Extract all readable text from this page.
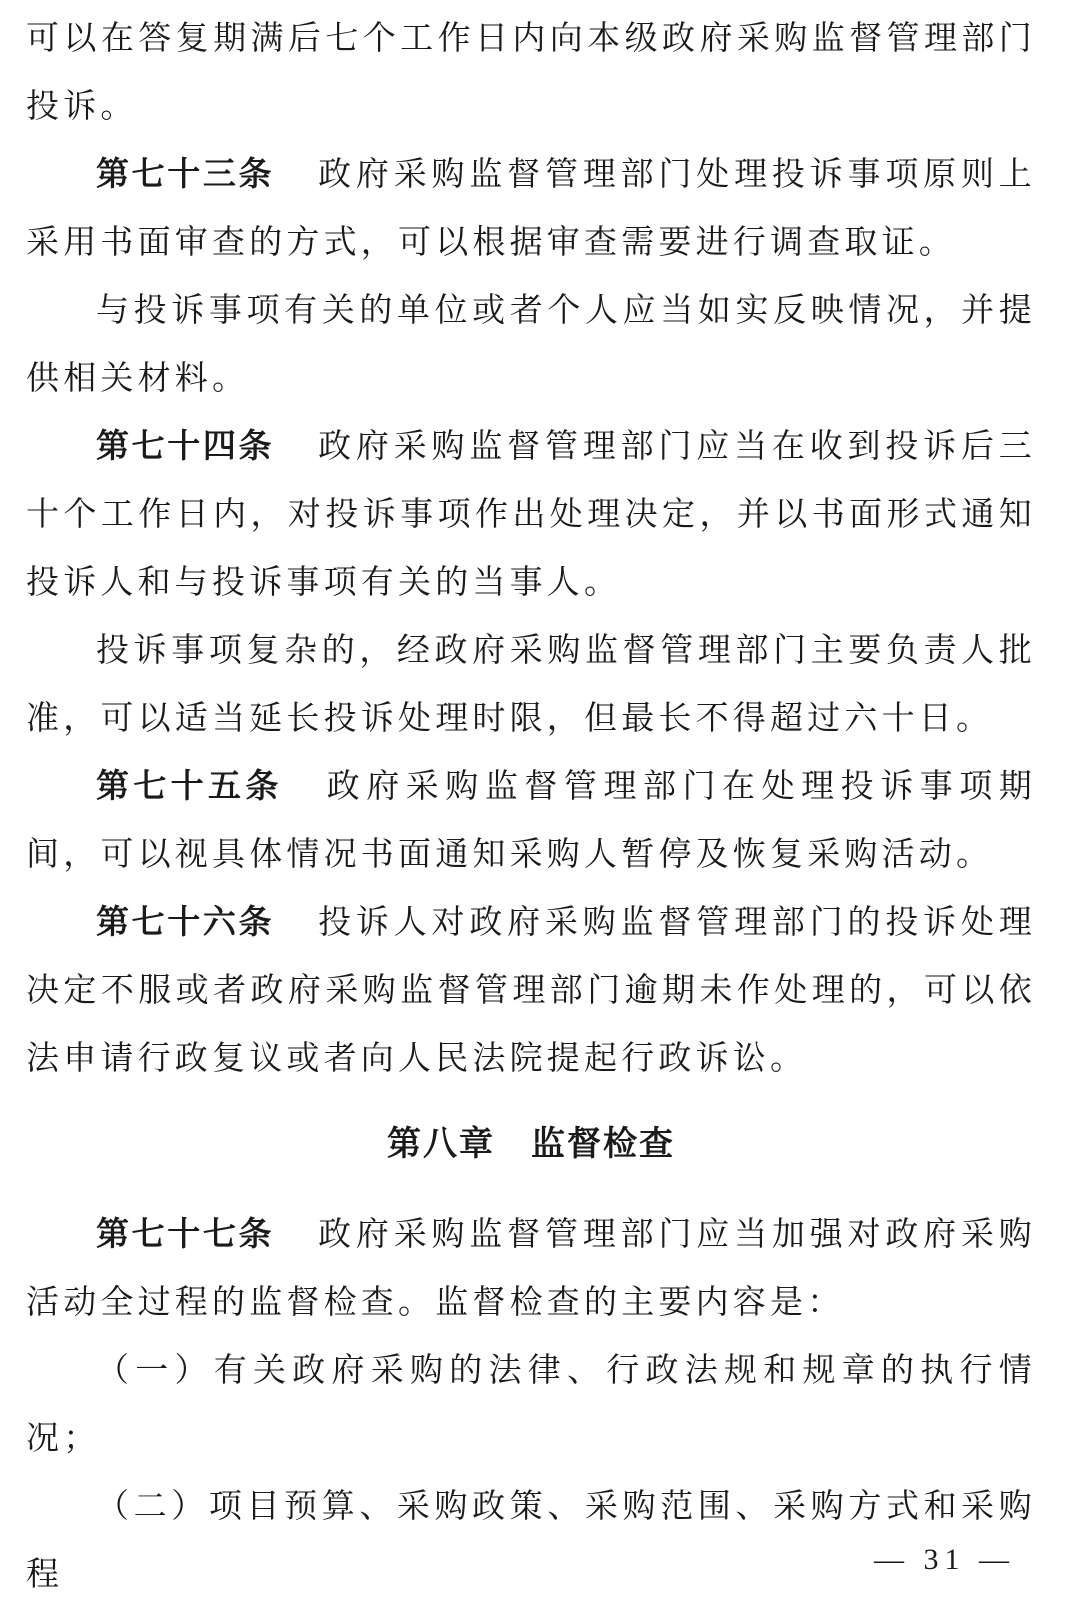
可以在答复期满后七个工作日内向本级政府采购监督管理部门投诉。

第七十三条 政府采购监督管理部门处理投诉事项原则上采用书面审查的方式，可以根据审查需要进行调查取证。

与投诉事项有关的单位或者个人应当如实反映情况，并提供相关材料。

第七十四条 政府采购监督管理部门应当在收到投诉后三十个工作日内，对投诉事项作出处理决定，并以书面形式通知投诉人和与投诉事项有关的当事人。

投诉事项复杂的，经政府采购监督管理部门主要负责人批准，可以适当延长投诉处理时限，但最长不得超过六十日。

第七十五条 政府采购监督管理部门在处理投诉事项期间，可以视具体情况书面通知采购人暂停及恢复采购活动。

第七十六条 投诉人对政府采购监督管理部门的投诉处理决定不服或者政府采购监督管理部门逾期未作处理的，可以依法申请行政复议或者向人民法院提起行政诉讼。

第八章 监督检查

第七十七条 政府采购监督管理部门应当加强对政府采购活动全过程的监督检查。监督检查的主要内容是：

（一）有关政府采购的法律、行政法规和规章的执行情况；

（二）项目预算、采购政策、采购范围、采购方式和采购程	— 31 —
